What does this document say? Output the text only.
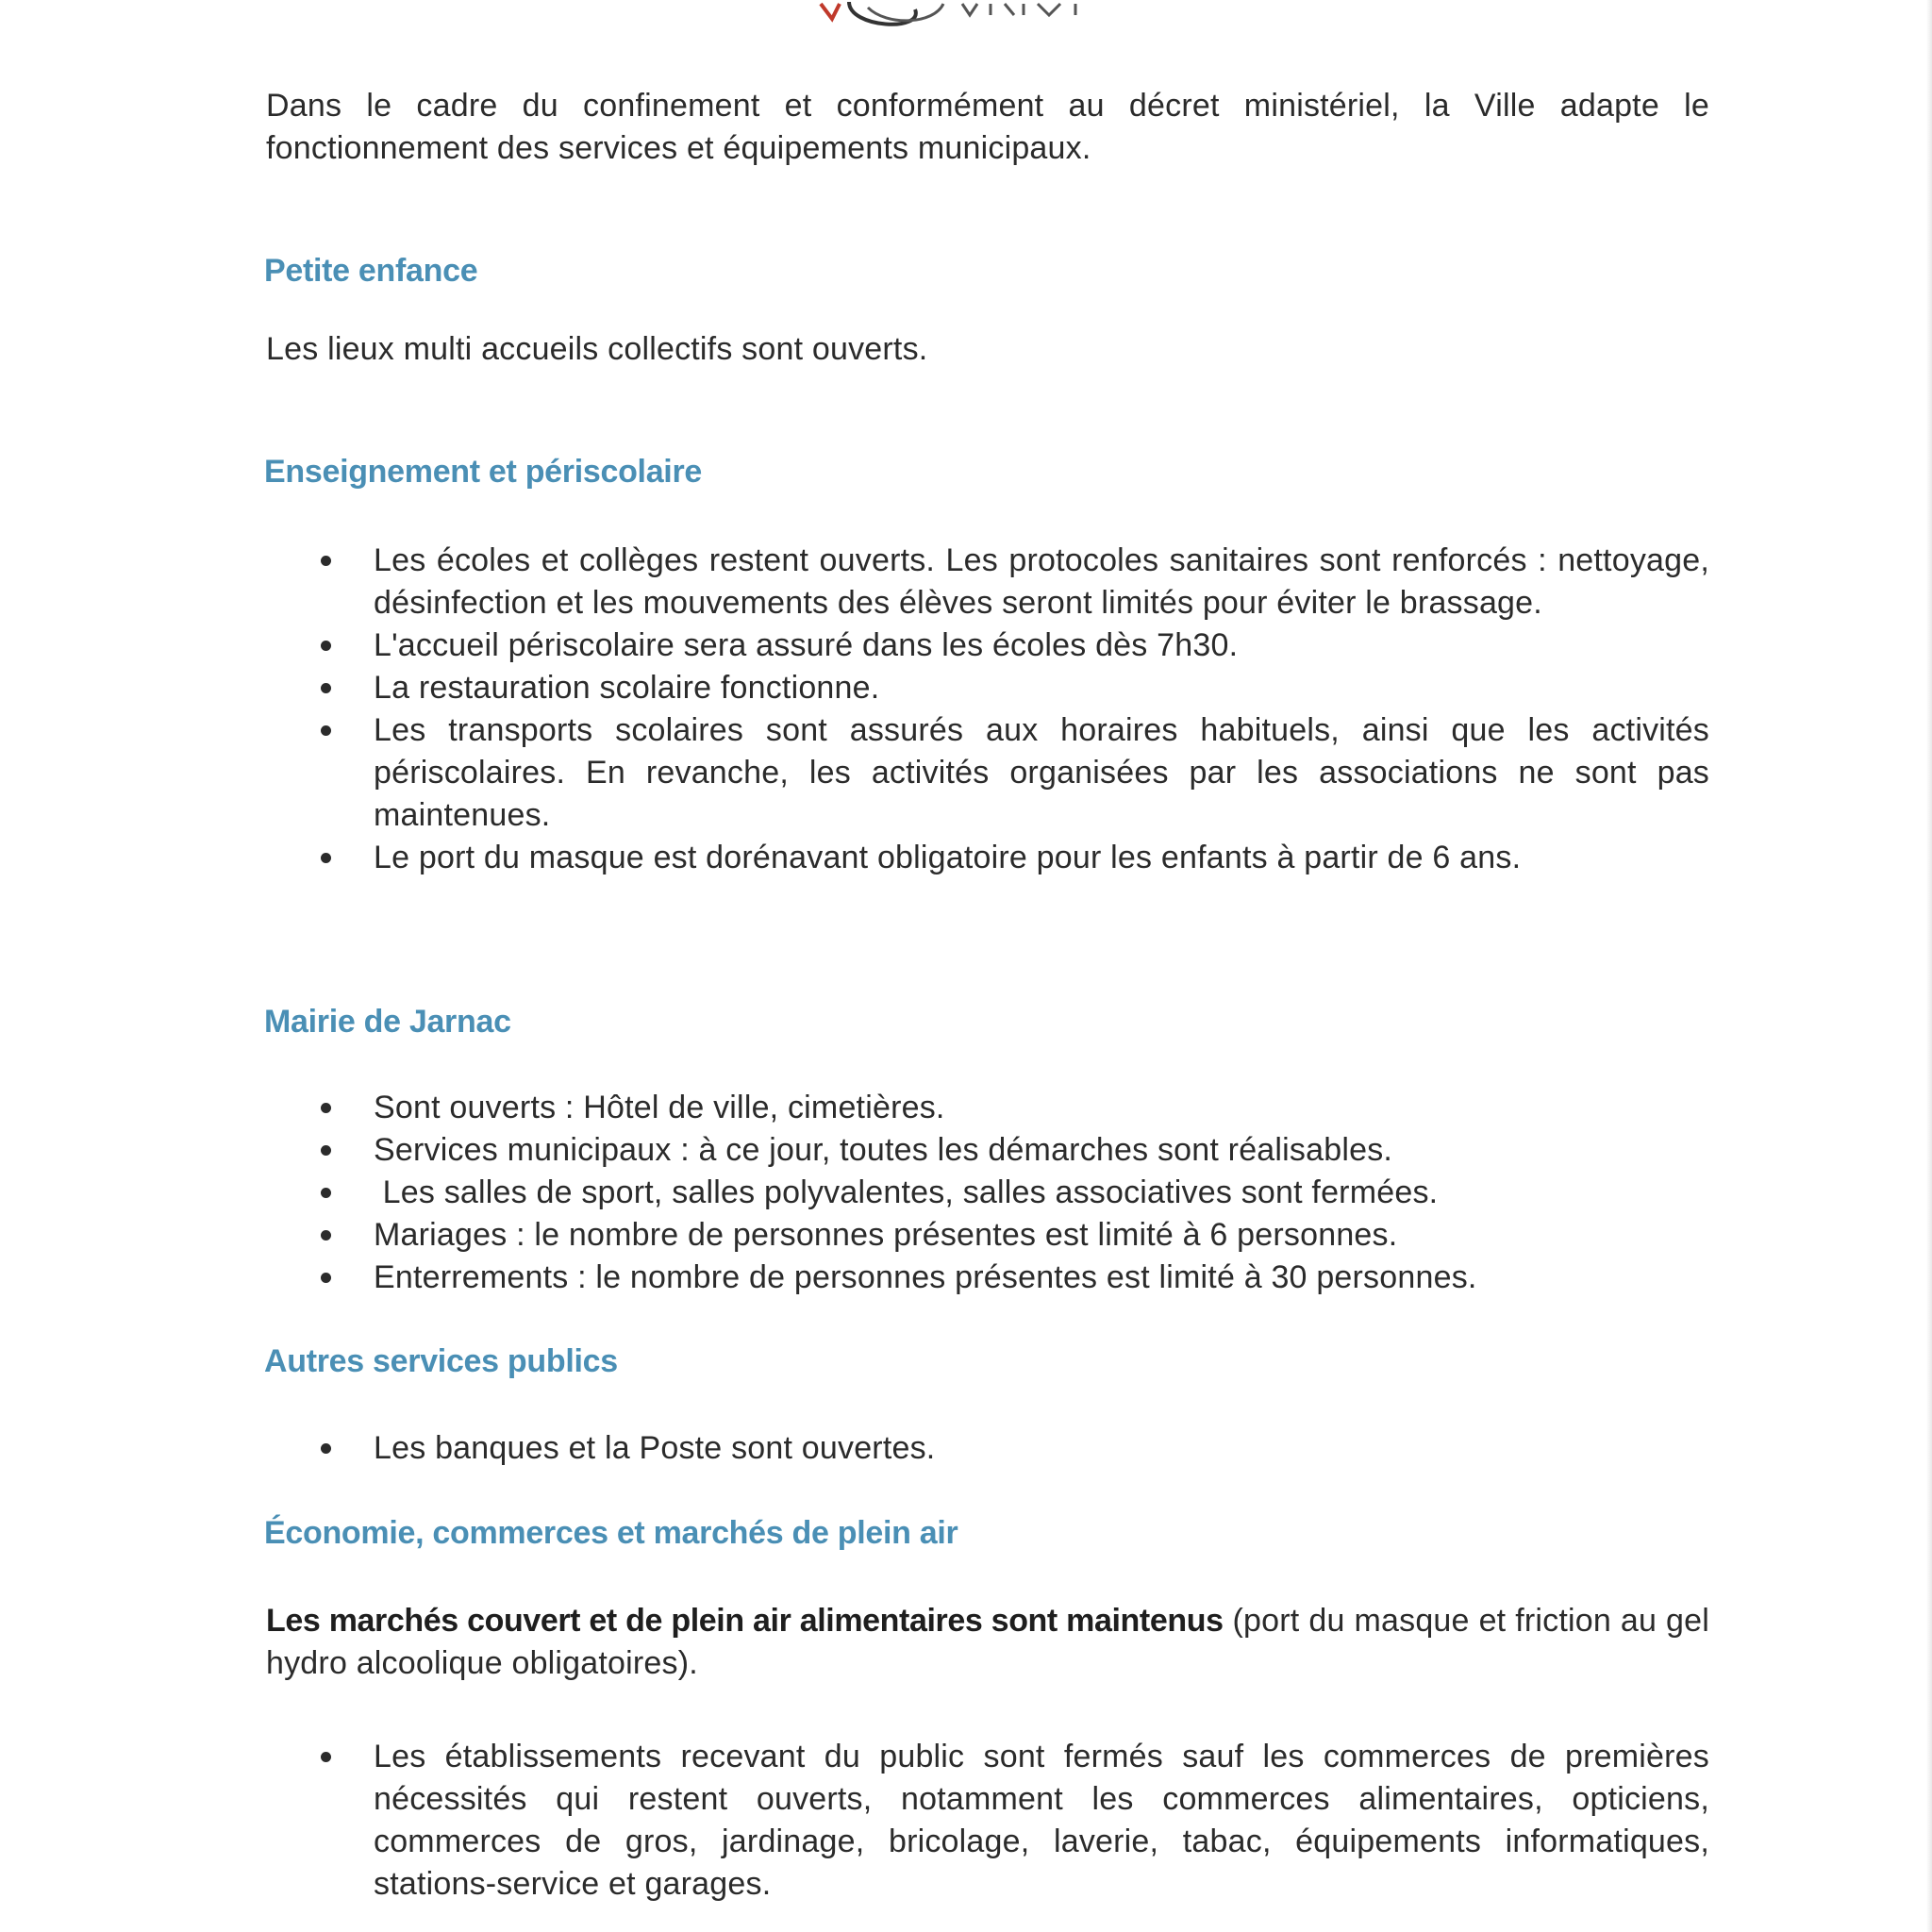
Dans le cadre du confinement et conformément au décret ministériel, la Ville adapte le fonctionnement des services et équipements municipaux.

Petite enfance

Les lieux multi accueils collectifs sont ouverts.

Enseignement et périscolaire
Les écoles et collèges restent ouverts. Les protocoles sanitaires sont renforcés : nettoyage, désinfection et les mouvements des élèves seront limités pour éviter le brassage.
L'accueil périscolaire sera assuré dans les écoles dès 7h30.
La restauration scolaire fonctionne.
Les transports scolaires sont assurés aux horaires habituels, ainsi que les activités périscolaires. En revanche, les activités organisées par les associations ne sont pas maintenues.
Le port du masque est dorénavant obligatoire pour les enfants à partir de 6 ans.
Mairie de Jarnac
Sont ouverts : Hôtel de ville, cimetières.
Services municipaux : à ce jour, toutes les démarches sont réalisables.
Les salles de sport, salles polyvalentes, salles associatives sont fermées.
Mariages : le nombre de personnes présentes est limité à 6 personnes.
Enterrements : le nombre de personnes présentes est limité à 30 personnes.
Autres services publics
Les banques et la Poste sont ouvertes.
Économie, commerces et marchés de plein air

Les marchés couvert et de plein air alimentaires sont maintenus (port du masque et friction au gel hydro alcoolique obligatoires).

Les établissements recevant du public sont fermés sauf les commerces de premières nécessités qui restent ouverts, notamment les commerces alimentaires, opticiens, commerces de gros, jardinage, bricolage, laverie, tabac, équipements informatiques, stations-service et garages.
